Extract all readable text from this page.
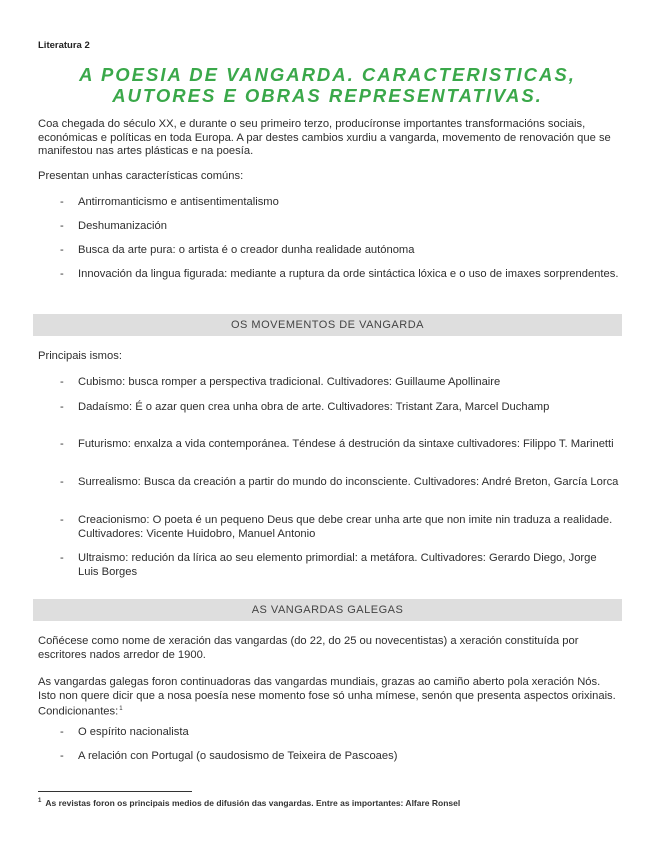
Literatura 2
A POESIA DE VANGARDA. CARACTERISTICAS,
AUTORES E OBRAS REPRESENTATIVAS.
Coa chegada do século XX, e durante o seu primeiro terzo, producíronse importantes transformacións sociais, económicas e políticas en toda Europa. A par destes cambios xurdiu a vangarda, movemento de renovación que se manifestou nas artes plásticas e na poesía.
Presentan unhas características comúns:
-	Antirromanticismo e antisentimentalismo
-	Deshumanización
-	Busca da arte pura: o artista é o creador dunha realidade autónoma
-	Innovación da lingua figurada: mediante a ruptura da orde sintáctica lóxica e o uso de imaxes sorprendentes.
OS MOVEMENTOS DE VANGARDA
Principais ismos:
-	Cubismo: busca romper a perspectiva tradicional. Cultivadores: Guillaume Apollinaire
-	Dadaísmo: É o azar quen crea unha obra de arte. Cultivadores: Tristant Zara, Marcel Duchamp
-	Futurismo: enxalza a vida contemporánea. Téndese á destrución da sintaxe cultivadores: Filippo T. Marinetti
-	Surrealismo: Busca da creación a partir do mundo do inconsciente. Cultivadores: André Breton, García Lorca
-	Creacionismo: O poeta é un pequeno Deus que debe crear unha arte que non imite nin traduza a realidade. Cultivadores: Vicente Huidobro, Manuel Antonio
-	Ultraismo: redución da lírica ao seu elemento primordial: a metáfora. Cultivadores: Gerardo Diego, Jorge Luis Borges
AS VANGARDAS GALEGAS
Coñécese como nome de xeración das vangardas (do 22, do 25 ou novecentistas) a xeración constituída por escritores nados arredor de 1900.
As vangardas galegas foron continuadoras das vangardas mundiais, grazas ao camiño aberto pola xeración Nós. Isto non quere dicir que a nosa poesía nese momento fose só unha mímese, senón que presenta aspectos orixinais. Condicionantes:$^1$
-	O espírito nacionalista
-	A relación con Portugal (o saudosismo de Teixeira de Pascoaes)
$^1$ As revistas foron os principais medios de difusión das vangardas. Entre as importantes: Alfare Ronsel
